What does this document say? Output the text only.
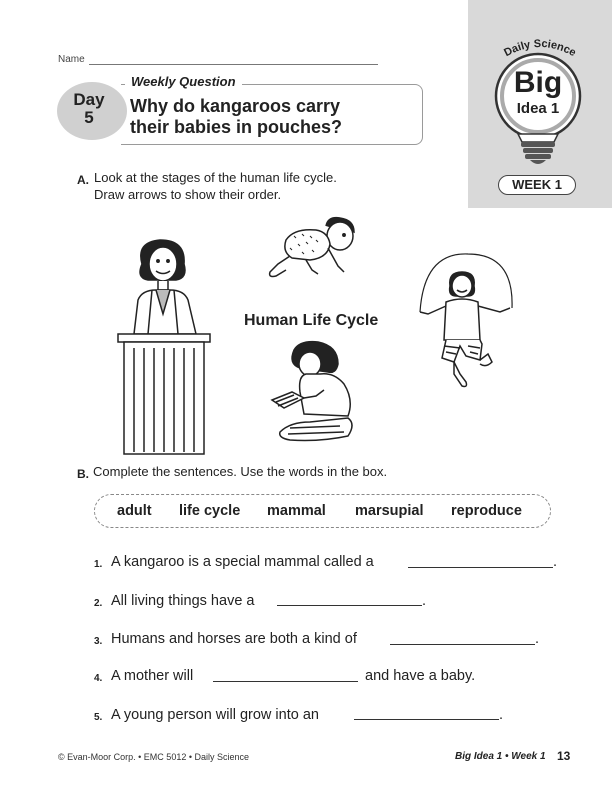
Daily Science
Big
Idea 1
WEEK 1
Name
Day
5
Weekly Question
Why do kangaroos carry
their babies in pouches?
A. Look at the stages of the human life cycle.
Draw arrows to show their order.
Human Life Cycle
B. Complete the sentences. Use the words in the box.
adult life cycle mammal marsupial reproduce
1. A kangaroo is a special mammal called a	.
2. All living things have a	.
3. Humans and horses are both a kind of	.
4. A mother will	and have a baby.
5. A young person will grow into an	.
© Evan-Moor Corp. • EMC 5012 • Daily Science	Big Idea 1 • Week 1 13
